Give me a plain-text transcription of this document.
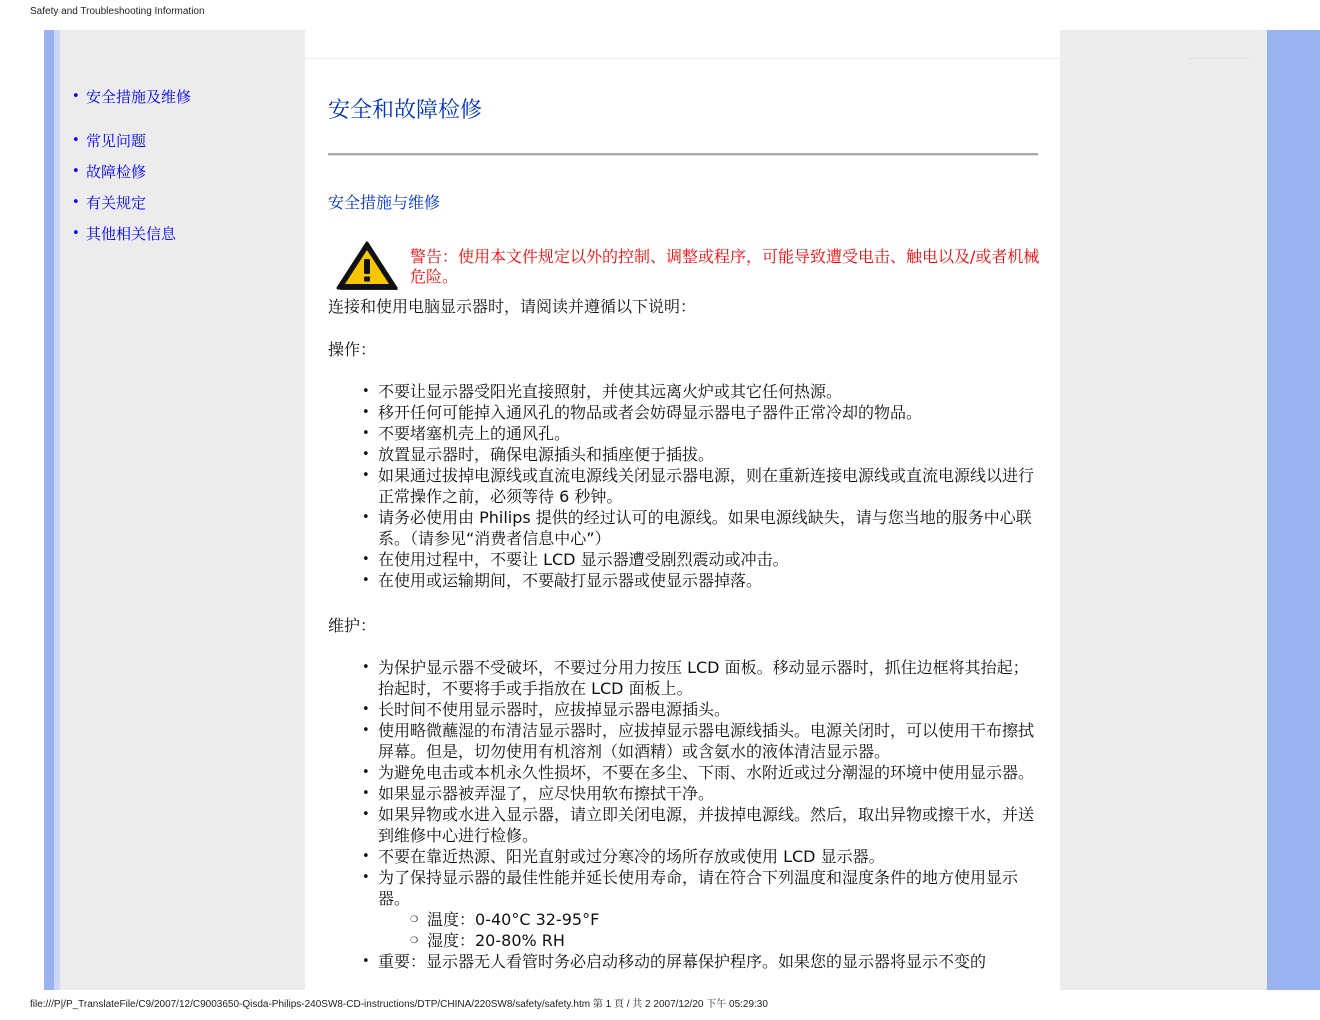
Safety and Troubleshooting Information
• 安全措施及维修
• 常见问题
• 故障检修
• 有关规定
• 其他相关信息
安全和故障检修
安全措施与维修
警告：使用本文件规定以外的控制、调整或程序，可能导致遭受电击、触电以及/或者机械危险。
连接和使用电脑显示器时，请阅读并遵循以下说明：
操作：
• 不要让显示器受阳光直接照射，并使其远离火炉或其它任何热源。
• 移开任何可能掉入通风孔的物品或者会妨碍显示器电子器件正常冷却的物品。
• 不要堵塞机壳上的通风孔。
• 放置显示器时，确保电源插头和插座便于插拔。
• 如果通过拔掉电源线或直流电源线关闭显示器电源，则在重新连接电源线或直流电源线以进行正常操作之前，必须等待 6 秒钟。
• 请务必使用由 Philips 提供的经过认可的电源线。如果电源线缺失，请与您当地的服务中心联系。（请参见“消费者信息中心”）
• 在使用过程中，不要让 LCD 显示器遭受剧烈震动或冲击。
• 在使用或运输期间，不要敲打显示器或使显示器掉落。
维护：
• 为保护显示器不受破坏，不要过分用力按压 LCD 面板。移动显示器时，抓住边框将其抬起；抬起时，不要将手或手指放在 LCD 面板上。
• 长时间不使用显示器时，应拔掉显示器电源插头。
• 使用略微蘸湿的布清洁显示器时，应拔掉显示器电源线插头。电源关闭时，可以使用干布擦拭屏幕。但是，切勿使用有机溶剂（如酒精）或含氨水的液体清洁显示器。
• 为避免电击或本机永久性损坏，不要在多尘、下雨、水附近或过分潮湿的环境中使用显示器。
• 如果显示器被弄湿了，应尽快用软布擦拭干净。
• 如果异物或水进入显示器，请立即关闭电源，并拔掉电源线。然后，取出异物或擦干水，并送到维修中心进行检修。
• 不要在靠近热源、阳光直射或过分寒冷的场所存放或使用 LCD 显示器。
• 为了保持显示器的最佳性能并延长使用寿命，请在符合下列温度和湿度条件的地方使用显示器。
❍ 温度：0-40°C 32-95°F
❍ 湿度：20-80% RH
• 重要：显示器无人看管时务必启动移动的屏幕保护程序。如果您的显示器将显示不变的
file:///P|/P_TranslateFile/C9/2007/12/C9003650-Qisda-Philips-240SW8-CD-instructions/DTP/CHINA/220SW8/safety/safety.htm 第 1 頁 / 共 2 2007/12/20 下午 05:29:30
